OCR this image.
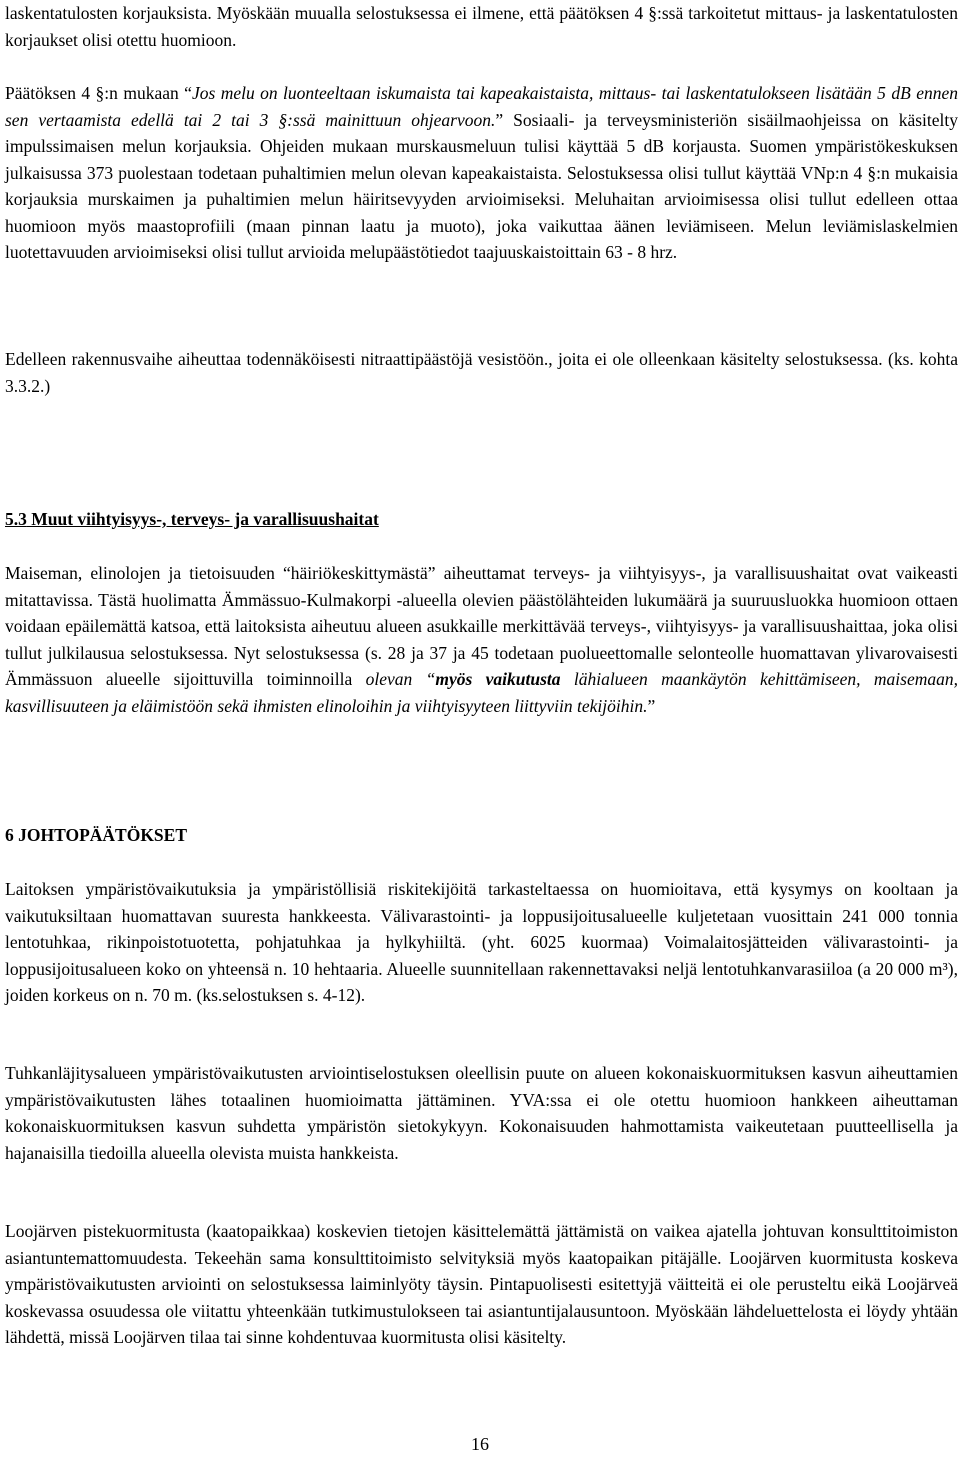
laskentatulosten korjauksista. Myöskään muualla selostuksessa ei ilmene, että päätöksen 4 §:ssä tarkoitetut mittaus- ja laskentatulosten korjaukset olisi otettu huomioon.

Päätöksen 4 §:n mukaan “Jos melu on luonteeltaan iskumaista tai kapeakaistaista, mittaus- tai laskentatulokseen lisätään 5 dB ennen sen vertaamista edellä tai 2 tai 3 §:ssä mainittuun ohjearvoon.” Sosiaali- ja terveysministeriön sisäilmaohjeissa on käsitelty impulssimaisen melun korjauksia. Ohjeiden mukaan murskausmeluun tulisi käyttää 5 dB korjausta. Suomen ympäristökeskuksen julkaisussa 373 puolestaan todetaan puhaltimien melun olevan kapeakaistaista. Selostuksessa olisi tullut käyttää VNp:n 4 §:n mukaisia korjauksia murskaimen ja puhaltimien melun häiritsevyyden arvioimiseksi. Meluhaitan arvioimisessa olisi tullut edelleen ottaa huomioon myös maastoprofiili (maan pinnan laatu ja muoto), joka vaikuttaa äänen leviämiseen. Melun leviämislaskelmien luotettavuuden arvioimiseksi olisi tullut arvioida melupäästötiedot taajuuskaistoittain 63 - 8 hrz.

Edelleen rakennusvaihe aiheuttaa todennäköisesti nitraattipäästöjä vesistöön., joita ei ole olleenkaan käsitelty selostuksessa. (ks. kohta 3.3.2.)

5.3 Muut viihtyisyys-, terveys- ja varallisuushaitat

Maiseman, elinolojen ja tietoisuuden “häiriökeskittymästä” aiheuttamat terveys- ja viihtyisyys-, ja varallisuushaitat ovat vaikeasti mitattavissa. Tästä huolimatta Ämmässuo-Kulmakorpi -alueella olevien päästölähteiden lukumäärä ja suuruusluokka huomioon ottaen voidaan epäilemättä katsoa, että laitoksista aiheutuu alueen asukkaille merkittävää terveys-, viihtyisyys- ja varallisuushaittaa, joka olisi tullut julkilausua selostuksessa. Nyt selostuksessa (s. 28 ja 37 ja 45 todetaan puolueettomalle selonteolle huomattavan ylivarovaisesti Ämmässuon alueelle sijoittuvilla toiminnoilla olevan “myös vaikutusta lähialueen maankäytön kehittämiseen, maisemaan, kasvillisuuteen ja eläimistöön sekä ihmisten elinoloihin ja viihtyisyyteen liittyviin tekijöihin.”

6 JOHTOPÄÄTÖKSET

Laitoksen ympäristövaikutuksia ja ympäristöllisiä riskitekijöitä tarkasteltaessa on huomioitava, että kysymys on kooltaan ja vaikutuksiltaan huomattavan suuresta hankkeesta. Välivarastointi- ja loppusijoitusalueelle kuljetetaan vuosittain 241 000 tonnia lentotuhkaa, rikinpoistotuotetta, pohjatuhkaa ja hylkyhiiltä. (yht. 6025 kuormaa) Voimalaitosjätteiden välivarastointi- ja loppusijoitusalueen koko on yhteensä n. 10 hehtaaria. Alueelle suunnitellaan rakennettavaksi neljä lentotuhkanvarasiiloa (a 20 000 m³), joiden korkeus on n. 70 m. (ks.selostuksen s. 4-12).

Tuhkanläjitysalueen ympäristövaikutusten arviointiselostuksen oleellisin puute on alueen kokonaiskuormituksen kasvun aiheuttamien ympäristövaikutusten lähes totaalinen huomioimatta jättäminen. YVA:ssa ei ole otettu huomioon hankkeen aiheuttaman kokonaiskuormituksen kasvun suhdetta ympäristön sietokykyyn. Kokonaisuuden hahmottamista vaikeutetaan puutteellisella ja hajanaisilla tiedoilla alueella olevista muista hankkeista.

Loojärven pistekuormitusta (kaatopaikkaa) koskevien tietojen käsittelemättä jättämistä on vaikea ajatella johtuvan konsulttitoimiston asiantuntemattomuudesta. Tekeehän sama konsulttitoimisto selvityksiä myös kaatopaikan pitäjälle. Loojärven kuormitusta koskeva ympäristövaikutusten arviointi on selostuksessa laiminlyöty täysin. Pintapuolisesti esitettyjä väitteitä ei ole perusteltu eikä Loojärveä koskevassa osuudessa ole viitattu yhteenkään tutkimustulokseen tai asiantuntijalausuntoon. Myöskään lähdeluettelosta ei löydy yhtään lähdettä, missä Loojärven tilaa tai sinne kohdentuvaa kuormitusta olisi käsitelty.

16
